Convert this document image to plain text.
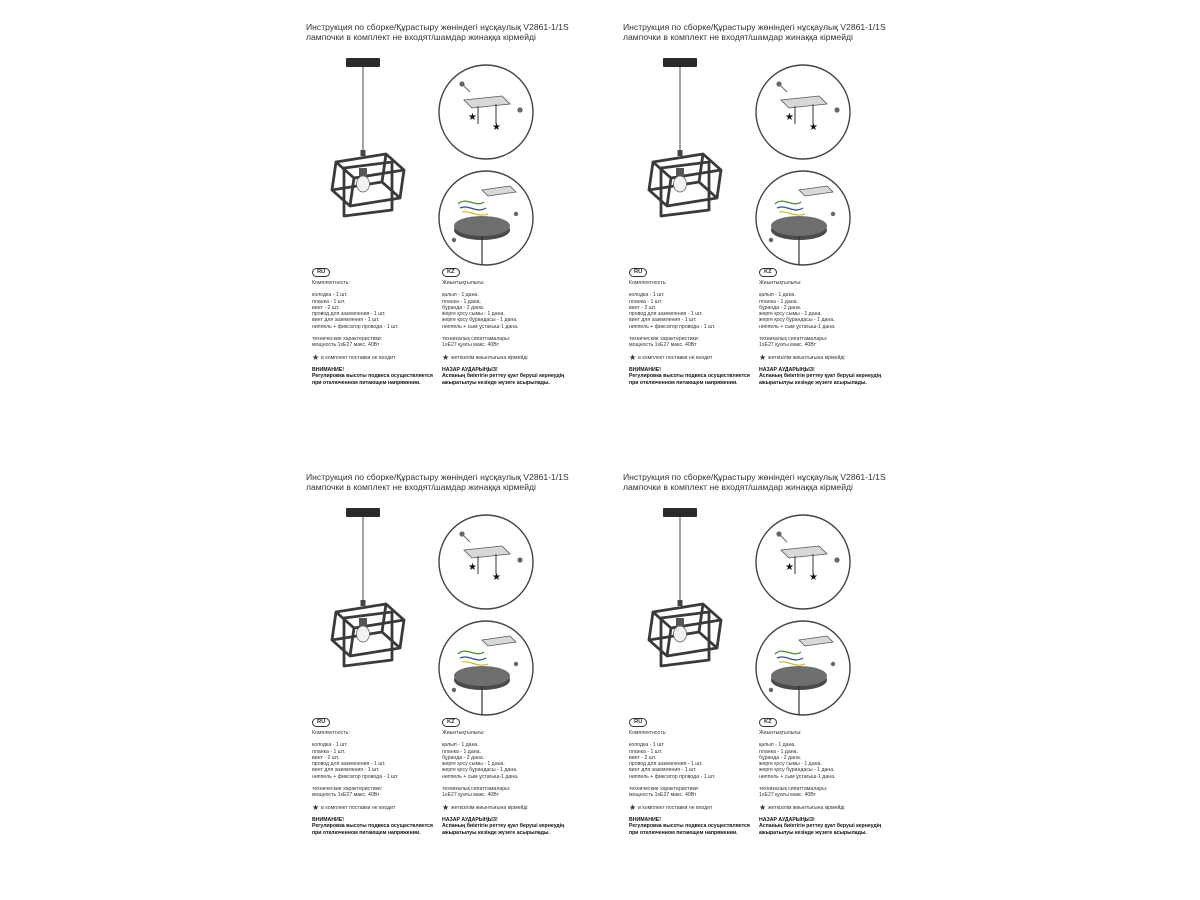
Инструкция по сборке/Құрастыру жөніндегі нұсқаулық V2861-1/1S
лампочки в комплект не входят/шамдар жинаққа кірмейді
★
★
RU
Комплектность:
колодка - 1 шт.
планка - 1 шт.
винт - 2 шт.
провод для заземления - 1 шт.
винт для заземления - 1 шт.
ниппель + фиксатор провода - 1 шт.
технические характеристики:
мощность 1хЕ27 макс. 40Вт
★ в комплект поставки не входит
ВНИМАНИЕ!
Регулировка высоты подвеса осуществляется
при отключенном питающем напряжении.
KZ
Жиынтықтылығы:
қалып - 1 дана.
планка - 1 дана.
бұранда - 2 дана.
жерге қосу сымы - 1 дана.
жерге қосу бұрандасы - 1 дана.
ниппель + сым ұстағыш-1 дана.
техникалық сипаттамалары:
1хЕ27 қуаты макс. 40Вт
★ жеткізілім жиынтығына кірмейді
НАЗАР АУДАРЫҢЫЗ!
Аспаның биіктігін реттеу қуат беруші кернеудің
ажыратылуы кезінде жүзеге асырылады.
Инструкция по сборке/Құрастыру жөніндегі нұсқаулық V2861-1/1S
лампочки в комплект не входят/шамдар жинаққа кірмейді
★
★
RU
Комплектность:
колодка - 1 шт.
планка - 1 шт.
винт - 2 шт.
провод для заземления - 1 шт.
винт для заземления - 1 шт.
ниппель + фиксатор провода - 1 шт.
технические характеристики:
мощность 1хЕ27 макс. 40Вт
★ в комплект поставки не входит
ВНИМАНИЕ!
Регулировка высоты подвеса осуществляется
при отключенном питающем напряжении.
KZ
Жиынтықтылығы:
қалып - 1 дана.
планка - 1 дана.
бұранда - 2 дана.
жерге қосу сымы - 1 дана.
жерге қосу бұрандасы - 1 дана.
ниппель + сым ұстағыш-1 дана.
техникалық сипаттамалары:
1хЕ27 қуаты макс. 40Вт
★ жеткізілім жиынтығына кірмейді
НАЗАР АУДАРЫҢЫЗ!
Аспаның биіктігін реттеу қуат беруші кернеудің
ажыратылуы кезінде жүзеге асырылады.
Инструкция по сборке/Құрастыру жөніндегі нұсқаулық V2861-1/1S
лампочки в комплект не входят/шамдар жинаққа кірмейді
★
★
RU
Комплектность:
колодка - 1 шт.
планка - 1 шт.
винт - 2 шт.
провод для заземления - 1 шт.
винт для заземления - 1 шт.
ниппель + фиксатор провода - 1 шт.
технические характеристики:
мощность 1хЕ27 макс. 40Вт
★ в комплект поставки не входит
ВНИМАНИЕ!
Регулировка высоты подвеса осуществляется
при отключенном питающем напряжении.
KZ
Жиынтықтылығы:
қалып - 1 дана.
планка - 1 дана.
бұранда - 2 дана.
жерге қосу сымы - 1 дана.
жерге қосу бұрандасы - 1 дана.
ниппель + сым ұстағыш-1 дана.
техникалық сипаттамалары:
1хЕ27 қуаты макс. 40Вт
★ жеткізілім жиынтығына кірмейді
НАЗАР АУДАРЫҢЫЗ!
Аспаның биіктігін реттеу қуат беруші кернеудің
ажыратылуы кезінде жүзеге асырылады.
Инструкция по сборке/Құрастыру жөніндегі нұсқаулық V2861-1/1S
лампочки в комплект не входят/шамдар жинаққа кірмейді
★
★
RU
Комплектность:
колодка - 1 шт.
планка - 1 шт.
винт - 2 шт.
провод для заземления - 1 шт.
винт для заземления - 1 шт.
ниппель + фиксатор провода - 1 шт.
технические характеристики:
мощность 1хЕ27 макс. 40Вт
★ в комплект поставки не входит
ВНИМАНИЕ!
Регулировка высоты подвеса осуществляется
при отключенном питающем напряжении.
KZ
Жиынтықтылығы:
қалып - 1 дана.
планка - 1 дана.
бұранда - 2 дана.
жерге қосу сымы - 1 дана.
жерге қосу бұрандасы - 1 дана.
ниппель + сым ұстағыш-1 дана.
техникалық сипаттамалары:
1хЕ27 қуаты макс. 40Вт
★ жеткізілім жиынтығына кірмейді
НАЗАР АУДАРЫҢЫЗ!
Аспаның биіктігін реттеу қуат беруші кернеудің
ажыратылуы кезінде жүзеге асырылады.
